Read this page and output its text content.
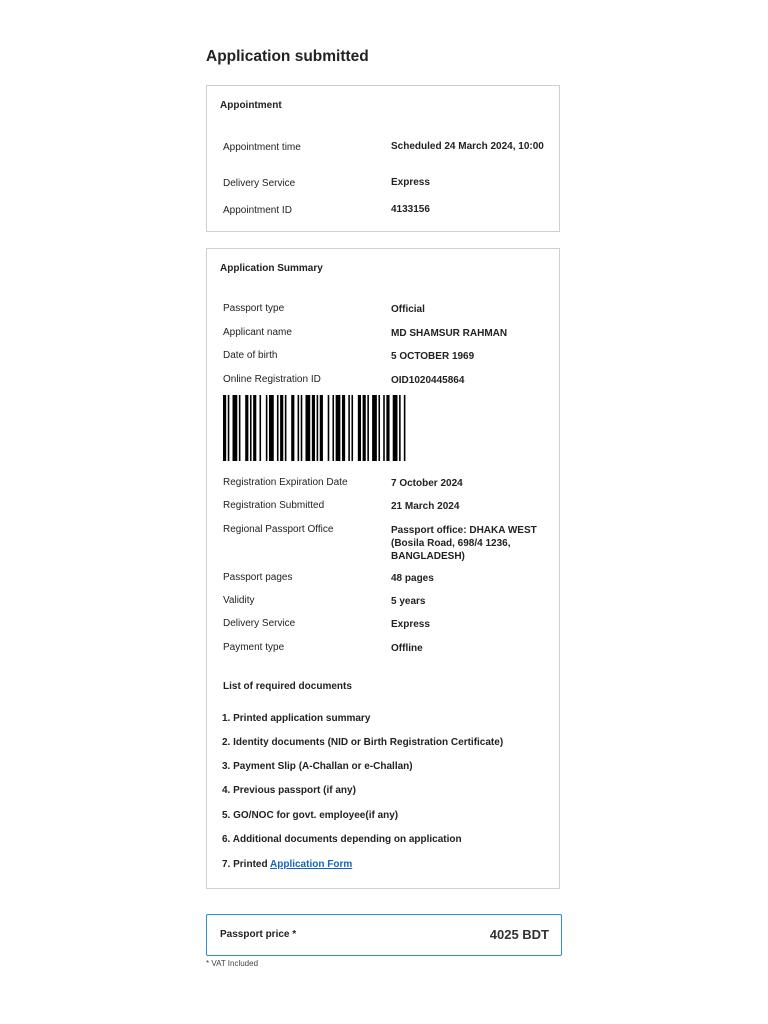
Application submitted
Appointment
Appointment time	Scheduled 24 March 2024, 10:00
Delivery Service	Express
Appointment ID	4133156
Application Summary
Passport type	Official
Applicant name	MD SHAMSUR RAHMAN
Date of birth	5 OCTOBER 1969
Online Registration ID	OID1020445864
Registration Expiration Date	7 October 2024
Registration Submitted	21 March 2024
Regional Passport Office	Passport office: DHAKA WEST (Bosila Road, 698/4 1236, BANGLADESH)
Passport pages	48 pages
Validity	5 years
Delivery Service	Express
Payment type	Offline
List of required documents
1. Printed application summary
2. Identity documents (NID or Birth Registration Certificate)
3. Payment Slip (A-Challan or e-Challan)
4. Previous passport (if any)
5. GO/NOC for govt. employee(if any)
6. Additional documents depending on application
7. Printed Application Form
Passport price *	4025 BDT
* VAT Included
